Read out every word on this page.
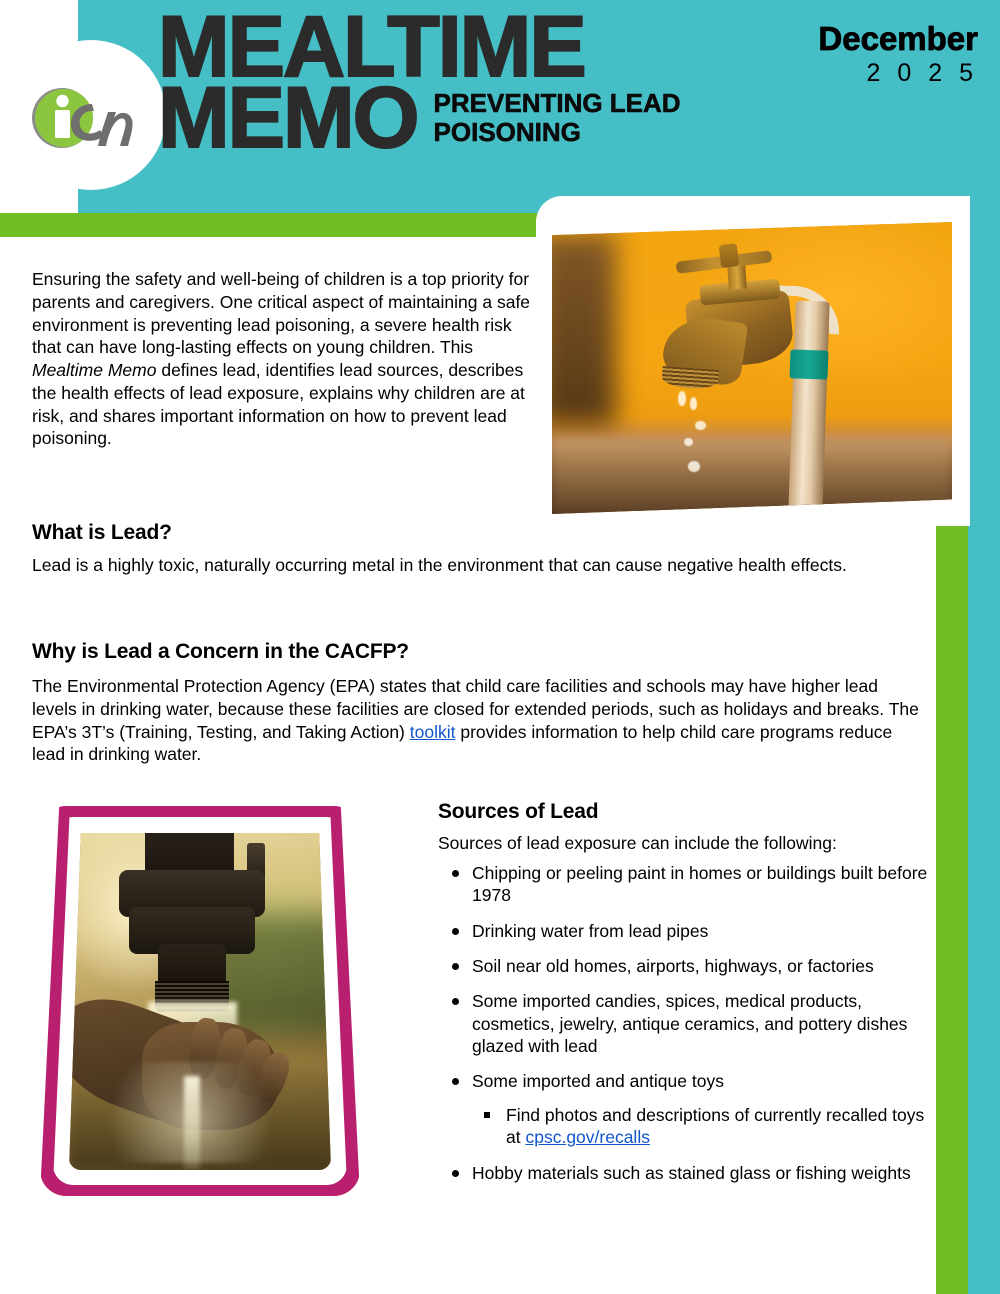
MEALTIME
MEMO PREVENTING LEAD
POISONING
December
2 0 2 5

Ensuring the safety and well-being of children is a top priority for parents and caregivers. One critical aspect of maintaining a safe environment is preventing lead poisoning, a severe health risk that can have long-lasting effects on young children. This Mealtime Memo defines lead, identifies lead sources, describes the health effects of lead exposure, explains why children are at risk, and shares important information on how to prevent lead poisoning.

What is Lead?

Lead is a highly toxic, naturally occurring metal in the environment that can cause negative health effects.

Why is Lead a Concern in the CACFP?

The Environmental Protection Agency (EPA) states that child care facilities and schools may have higher lead levels in drinking water, because these facilities are closed for extended periods, such as holidays and breaks. The EPA’s 3T’s (Training, Testing, and Taking Action) toolkit provides information to help child care programs reduce lead in drinking water.

Sources of Lead

Sources of lead exposure can include the following:

Chipping or peeling paint in homes or buildings built before 1978
Drinking water from lead pipes
Soil near old homes, airports, highways, or factories
Some imported candies, spices, medical products, cosmetics, jewelry, antique ceramics, and pottery dishes glazed with lead
Some imported and antique toys
Find photos and descriptions of currently recalled toys at cpsc.gov/recalls
Hobby materials such as stained glass or fishing weights
